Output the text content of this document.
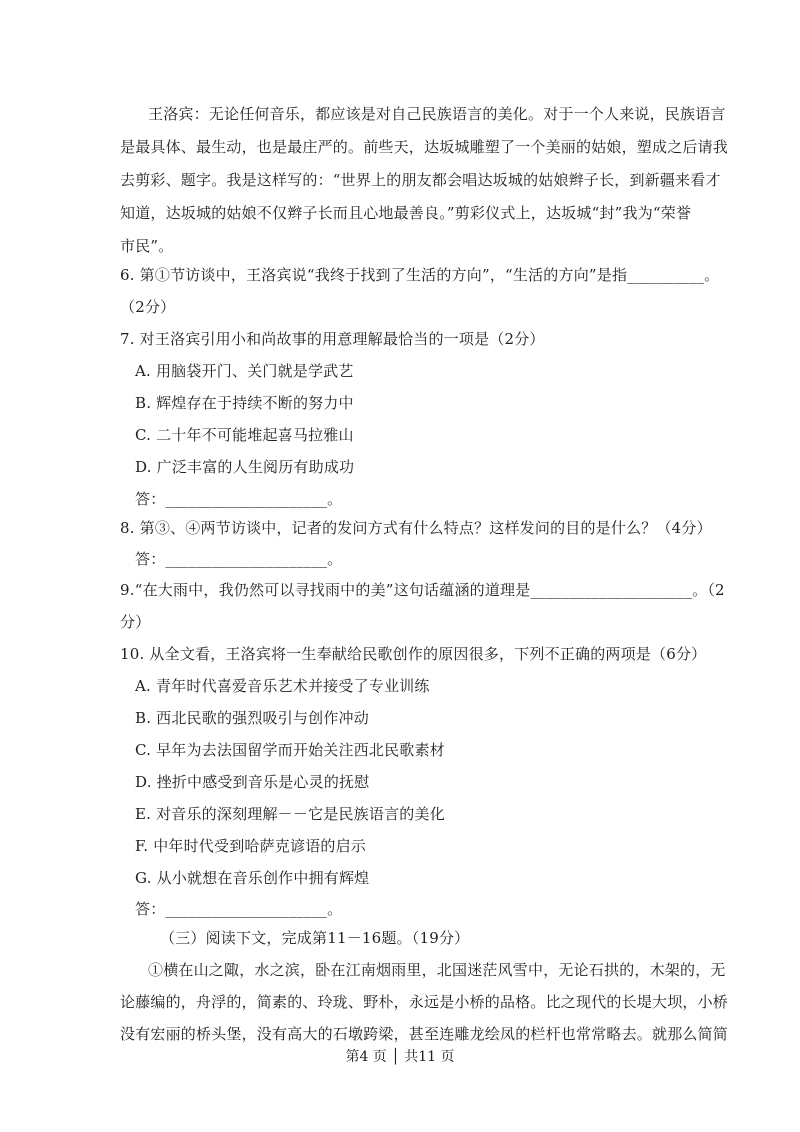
王洛宾：无论任何音乐，都应该是对自己民族语言的美化。对于一个人来说，民族语言
是最具体、最生动，也是最庄严的。前些天，达坂城雕塑了一个美丽的姑娘，塑成之后请我
去剪彩、题字。我是这样写的：“世界上的朋友都会唱达坂城的姑娘辫子长，到新疆来看才
知道，达坂城的姑娘不仅辫子长而且心地最善良。”剪彩仪式上，达坂城“封”我为“荣誉
市民”。
6. 第①节访谈中，王洛宾说“我终于找到了生活的方向”，“生活的方向”是指__________。
（2分）
7. 对王洛宾引用小和尚故事的用意理解最恰当的一项是（2分）
A. 用脑袋开门、关门就是学武艺
B. 辉煌存在于持续不断的努力中
C. 二十年不可能堆起喜马拉雅山
D. 广泛丰富的人生阅历有助成功
答：_____________________。
8. 第③、④两节访谈中，记者的发问方式有什么特点？这样发问的目的是什么？（4分）
答：_____________________。
9.“在大雨中，我仍然可以寻找雨中的美”这句话蕴涵的道理是_____________________。（2
分）
10. 从全文看，王洛宾将一生奉献给民歌创作的原因很多，下列不正确的两项是（6分）
A. 青年时代喜爱音乐艺术并接受了专业训练
B. 西北民歌的强烈吸引与创作冲动
C. 早年为去法国留学而开始关注西北民歌素材
D. 挫折中感受到音乐是心灵的抚慰
E. 对音乐的深刻理解－－它是民族语言的美化
F. 中年时代受到哈萨克谚语的启示
G. 从小就想在音乐创作中拥有辉煌
答：_____________________。
（三）阅读下文，完成第11－16题。（19分）
①横在山之陬，水之滨，卧在江南烟雨里，北国迷茫风雪中，无论石拱的，木架的，无
论藤编的，舟浮的，简素的、玲珑、野朴，永远是小桥的品格。比之现代的长堤大坝，小桥
没有宏丽的桥头堡，没有高大的石墩跨梁，甚至连雕龙绘凤的栏杆也常常略去。就那么简简
第4 页 │ 共11 页
